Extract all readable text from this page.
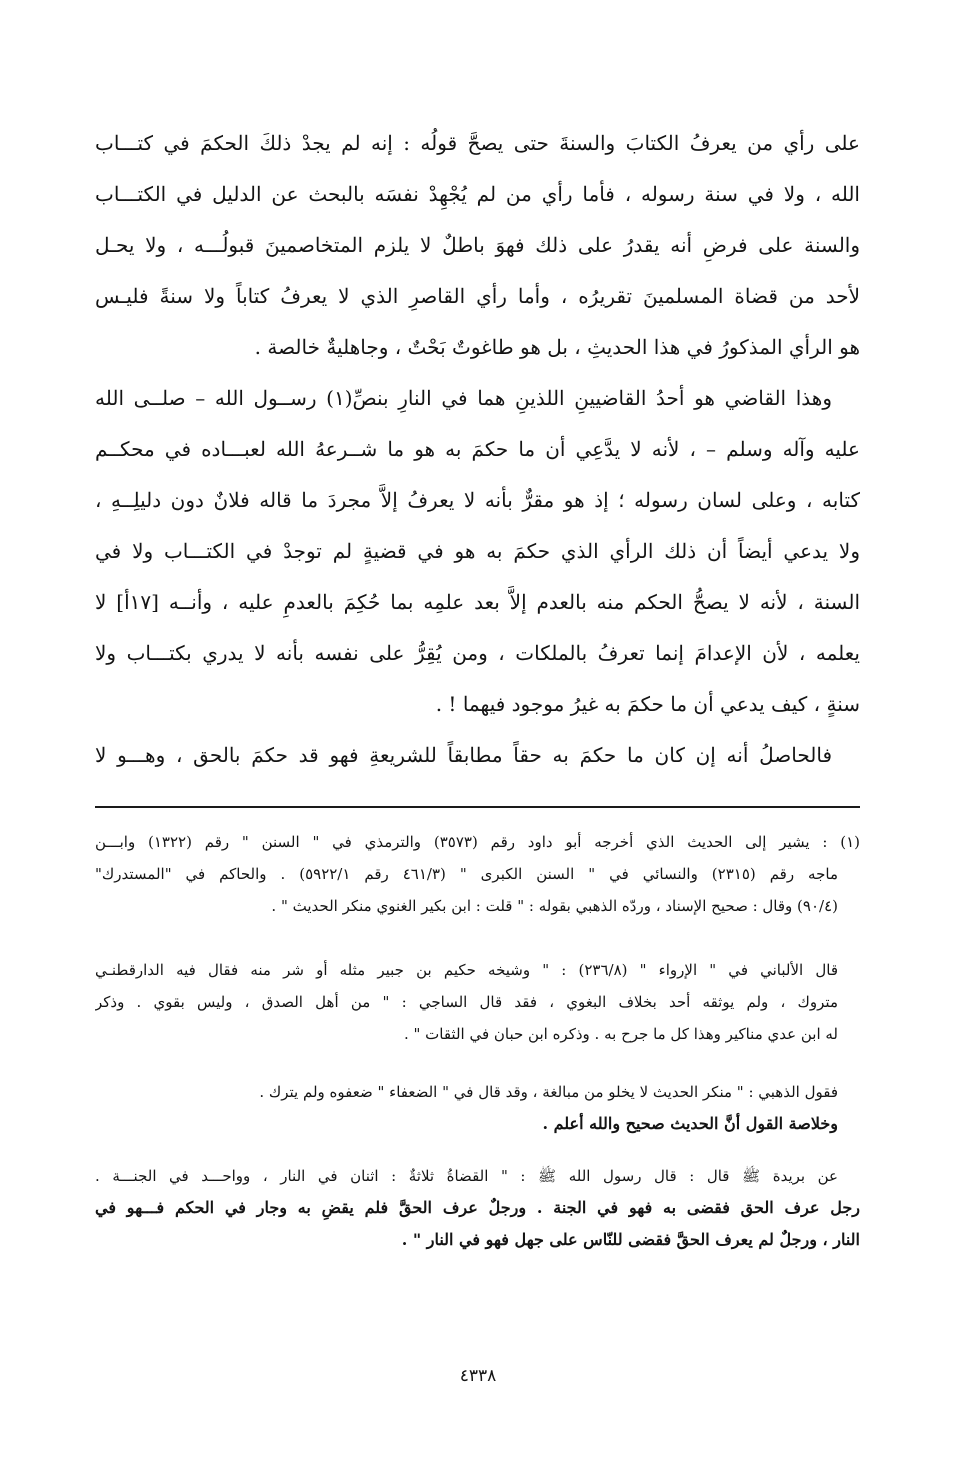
على رأي من يعرفُ الكتابَ والسنةَ حتى يصحَّ قولُه : إنه لم يجدْ ذلكَ الحكمَ في كتـــاب
الله ، ولا في سنة رسوله ، فأما رأي من لم يُجْهِدْ نفسَه بالبحث عن الدليل في الكتـــاب
والسنة على فرضِ أنه يقدرُ على ذلك فهوَ باطلٌ لا يلزم المتخاصمينَ قبولُـــه ، ولا يحـل
لأحد من قضاة المسلمينَ تقريرُه ، وأما رأي القاصرِ الذي لا يعرفُ كتاباً ولا سنةً فليـس
هو الرأي المذكورُ في هذا الحديثِ ، بل هو طاغوتٌ بَحْتٌ ، وجاهليةٌ خالصة .
وهذا القاضي هو أحدُ القاضيينِ اللذينِ هما في النارِ بنصِّ(١) رســول الله – صلــى الله
عليه وآله وسلم – ، لأنه لا يدَّعِي أن ما حكمَ به هو ما شــرعهُ الله لعبـــاده في محكــم
كتابه ، وعلى لسان رسوله ؛ إذ هو مقرٌّ بأنه لا يعرفُ إلاَّ مجردَ ما قاله فلانٌ دون دليلِــهِ ،
ولا يدعي أيضاً أن ذلك الرأي الذي حكمَ به هو في قضيةٍ لم توجدْ في الكتـــاب ولا في
السنة ، لأنه لا يصحُّ الحكم منه بالعدم إلاَّ بعد علمِه بما حُكِمَ بالعدمِ عليه ، وأنــه [١٧أ] لا
يعلمه ، لأن الإعدامَ إنما تعرفُ بالملكات ، ومن يُقِرُّ على نفسه بأنه لا يدري بكتـــاب ولا
سنةٍ ، كيف يدعي أن ما حكمَ به غيرُ موجود فيهما ! .
فالحاصلُ أنه إن كان ما حكمَ به حقاً مطابقاً للشريعةِ فهو قد حكمَ بالحق ، وهـــو لا
(١) : يشير إلى الحديث الذي أخرجه أبو داود رقم (٣٥٧٣) والترمذي في " السنن " رقم (١٣٢٢) وابـــن
ماجه رقم (٢٣١٥) والنسائي في " السنن الكبرى " (٤٦١/٣ رقم ٥٩٢٢/١) . والحاكم في "المستدرك"
(٩٠/٤) وقال : صحيح الإسناد ، وردّه الذهبي بقوله : " قلت : ابن بكير الغنوي منكر الحديث " .
قال الألباني في " الإرواء " (٢٣٦/٨) : " وشيخه حكيم بن جبير مثله أو شر منه فقال فيه الدارقطنـي
متروك ، ولم يوثقه أحد بخلاف البغوي ، فقد قال الساجي : " من أهل الصدق ، وليس بقوي . وذكر
له ابن عدي مناكير وهذا كل ما جرح به . وذكره ابن حبان في الثقات " .
فقول الذهبي : " منكر الحديث لا يخلو من مبالغة ، وقد قال في " الضعفاء " ضعفوه ولم يترك .
وخلاصة القول أنَّ الحديث صحيح والله أعلم .
عن بريدة ﷺ قال : قال رسول الله ﷺ : " القضاةُ ثلاثةٌ : اثنان في النار ، وواحـــد في الجنـــة .
رجل عرف الحق فقضى به فهو في الجنة . ورجلٌ عرف الحقَّ فلم يقضِ به وجار في الحكم فـــهو في
النار ، ورجلٌ لم يعرف الحقَّ فقضى للنّاس على جهل فهو في النار " .
٤٣٣٨
